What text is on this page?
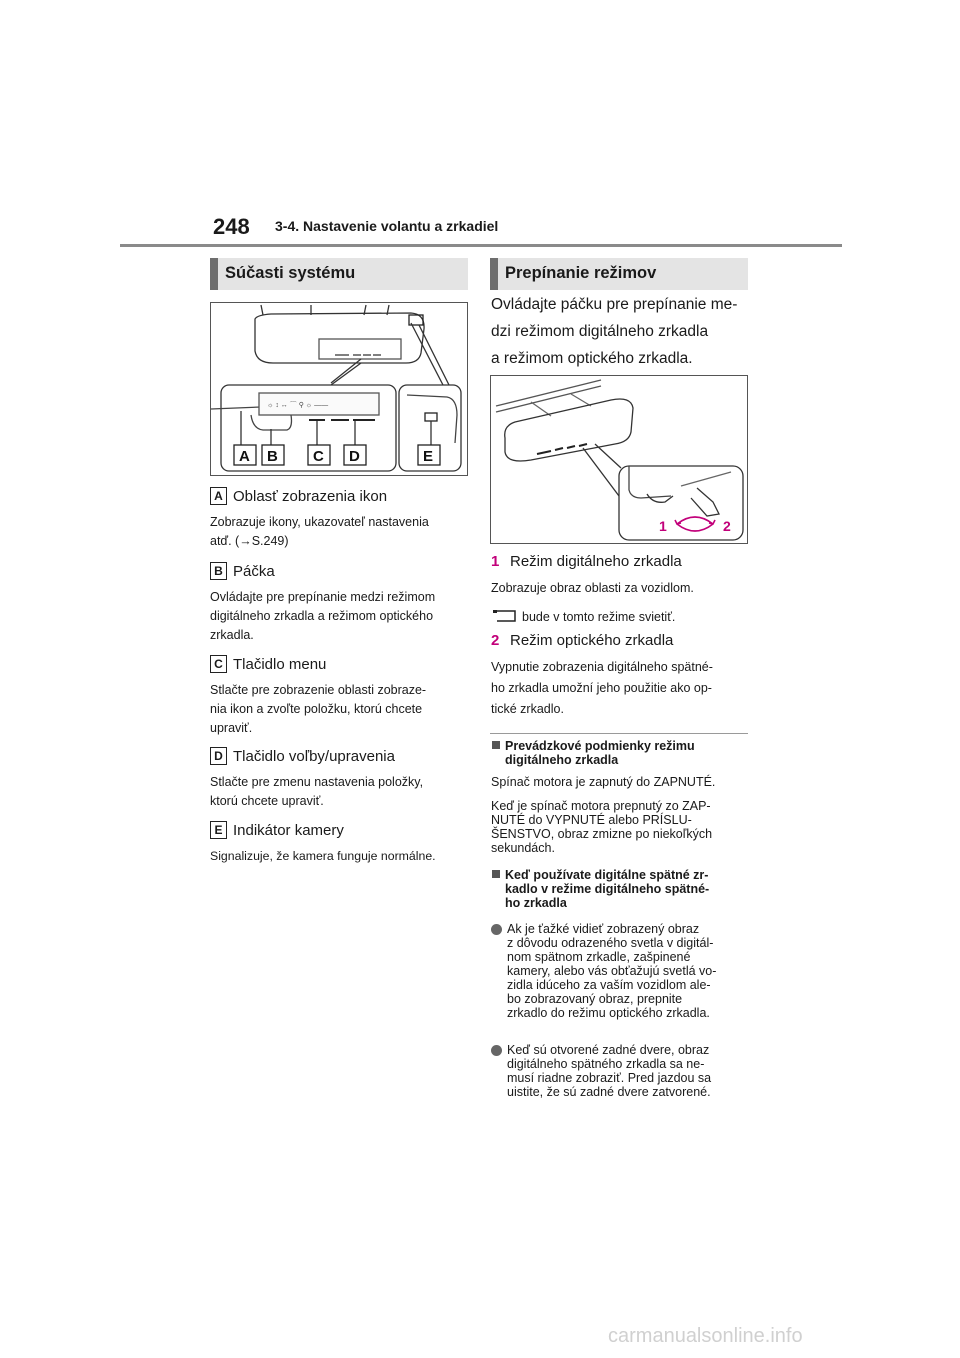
248 3-4. Nastavenie volantu a zrkadiel
Súčasti systému
☼ ↕ ↔ ⌒ ⚲ ☼ ——
A B C D	E
A Oblasť zobrazenia ikon
Zobrazuje ikony, ukazovateľ nastavenia
atď. (→S.249)
B Páčka
Ovládajte pre prepínanie medzi režimom
digitálneho zrkadla a režimom optického
zrkadla.
C Tlačidlo menu
Stlačte pre zobrazenie oblasti zobraze-
nia ikon a zvoľte položku, ktorú chcete
upraviť.
D Tlačidlo voľby/upravenia
Stlačte pre zmenu nastavenia položky,
ktorú chcete upraviť.
E Indikátor kamery
Signalizuje, že kamera funguje normálne.
Prepínanie režimov
Ovládajte páčku pre prepínanie me-
dzi režimom digitálneho zrkadla
a režimom optického zrkadla.
1	2
1 Režim digitálneho zrkadla
Zobrazuje obraz oblasti za vozidlom.
bude v tomto režime svietiť.
2 Režim optického zrkadla
Vypnutie zobrazenia digitálneho spätné-
ho zrkadla umožní jeho použitie ako op-
tické zrkadlo.
Prevádzkové podmienky režimu
digitálneho zrkadla
Spínač motora je zapnutý do ZAPNUTÉ.
Keď je spínač motora prepnutý zo ZAP-
NUTÉ do VYPNUTÉ alebo PRÍSLU-
ŠENSTVO, obraz zmizne po niekoľkých
sekundách.
Keď používate digitálne spätné zr-
kadlo v režime digitálneho spätné-
ho zrkadla
Ak je ťažké vidieť zobrazený obraz
z dôvodu odrazeného svetla v digitál-
nom spätnom zrkadle, zašpinené
kamery, alebo vás obťažujú svetlá vo-
zidla idúceho za vaším vozidlom ale-
bo zobrazovaný obraz, prepnite
zrkadlo do režimu optického zrkadla.
Keď sú otvorené zadné dvere, obraz
digitálneho spätného zrkadla sa ne-
musí riadne zobraziť. Pred jazdou sa
uistite, že sú zadné dvere zatvorené.
carmanualsonline.info
